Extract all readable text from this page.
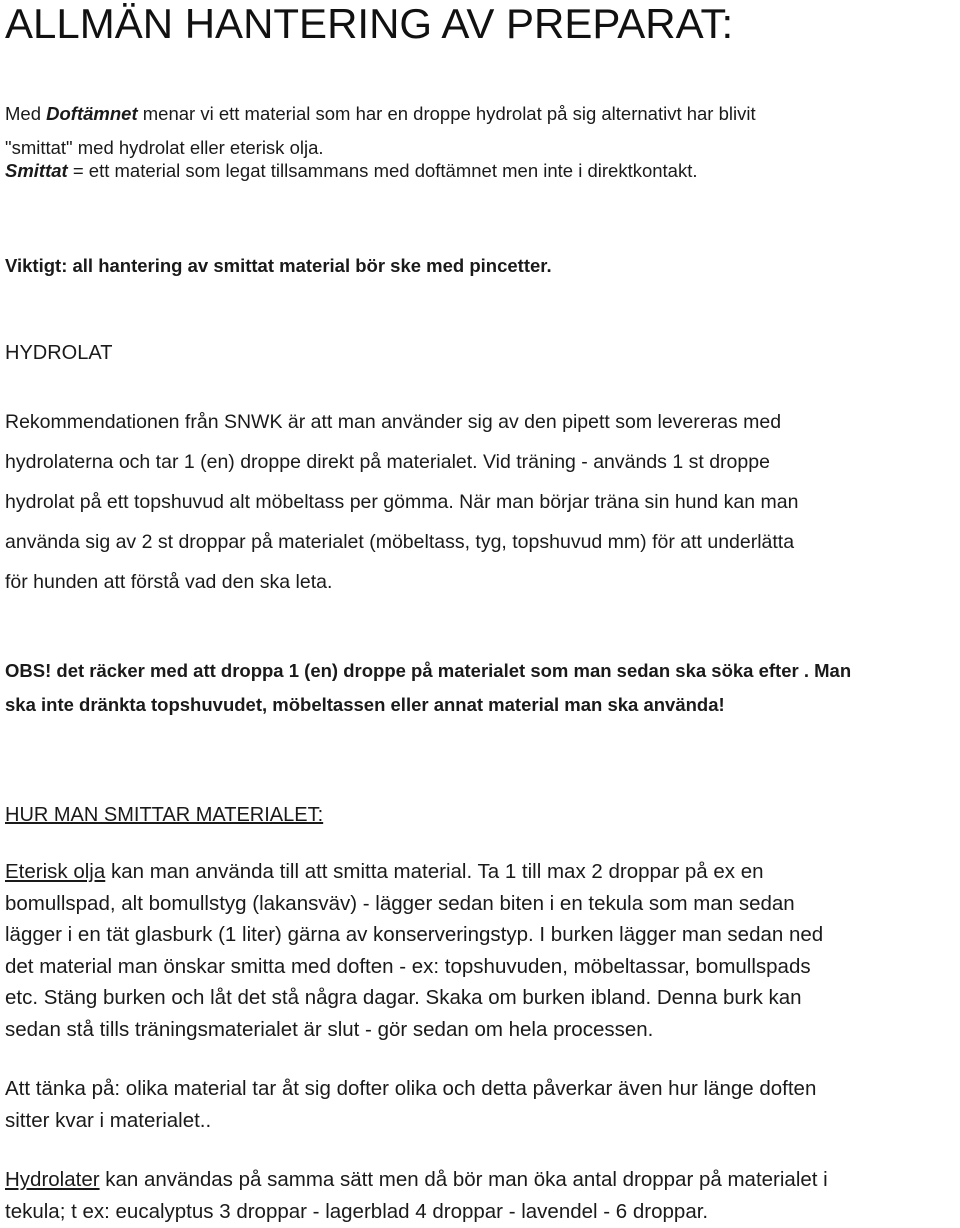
ALLMÄN HANTERING AV PREPARAT:

Med Doftämnet menar vi ett material som har en droppe hydrolat på sig alternativt har blivit
"smittat" med hydrolat eller eterisk olja.

Smittat = ett material som legat tillsammans med doftämnet men inte i direktkontakt.

Viktigt: all hantering av smittat material bör ske med pincetter.

HYDROLAT

Rekommendationen från SNWK är att man använder sig av den pipett som levereras med
hydrolaterna och tar 1 (en) droppe direkt på materialet. Vid träning - används 1 st droppe
hydrolat på ett topshuvud alt möbeltass per gömma. När man börjar träna sin hund kan man
använda sig av 2 st droppar på materialet (möbeltass, tyg, topshuvud mm) för att underlätta
för hunden att förstå vad den ska leta.

OBS! det räcker med att droppa 1 (en) droppe på materialet som man sedan ska söka efter . Man
ska inte dränkta topshuvudet, möbeltassen eller annat material man ska använda!

HUR MAN SMITTAR MATERIALET:

Eterisk olja kan man använda till att smitta material. Ta 1 till max 2 droppar på ex en
bomullspad, alt bomullstyg (lakansväv) - lägger sedan biten i en tekula som man sedan
lägger i en tät glasburk (1 liter) gärna av konserveringstyp. I burken lägger man sedan ned
det material man önskar smitta med doften - ex: topshuvuden, möbeltassar, bomullspads
etc. Stäng burken och låt det stå några dagar. Skaka om burken ibland. Denna burk kan
sedan stå tills träningsmaterialet är slut - gör sedan om hela processen.

Att tänka på: olika material tar åt sig dofter olika och detta påverkar även hur länge doften
sitter kvar i materialet..

Hydrolater kan användas på samma sätt men då bör man öka antal droppar på materialet i
tekula; t ex: eucalyptus 3 droppar - lagerblad 4 droppar - lavendel - 6 droppar.
